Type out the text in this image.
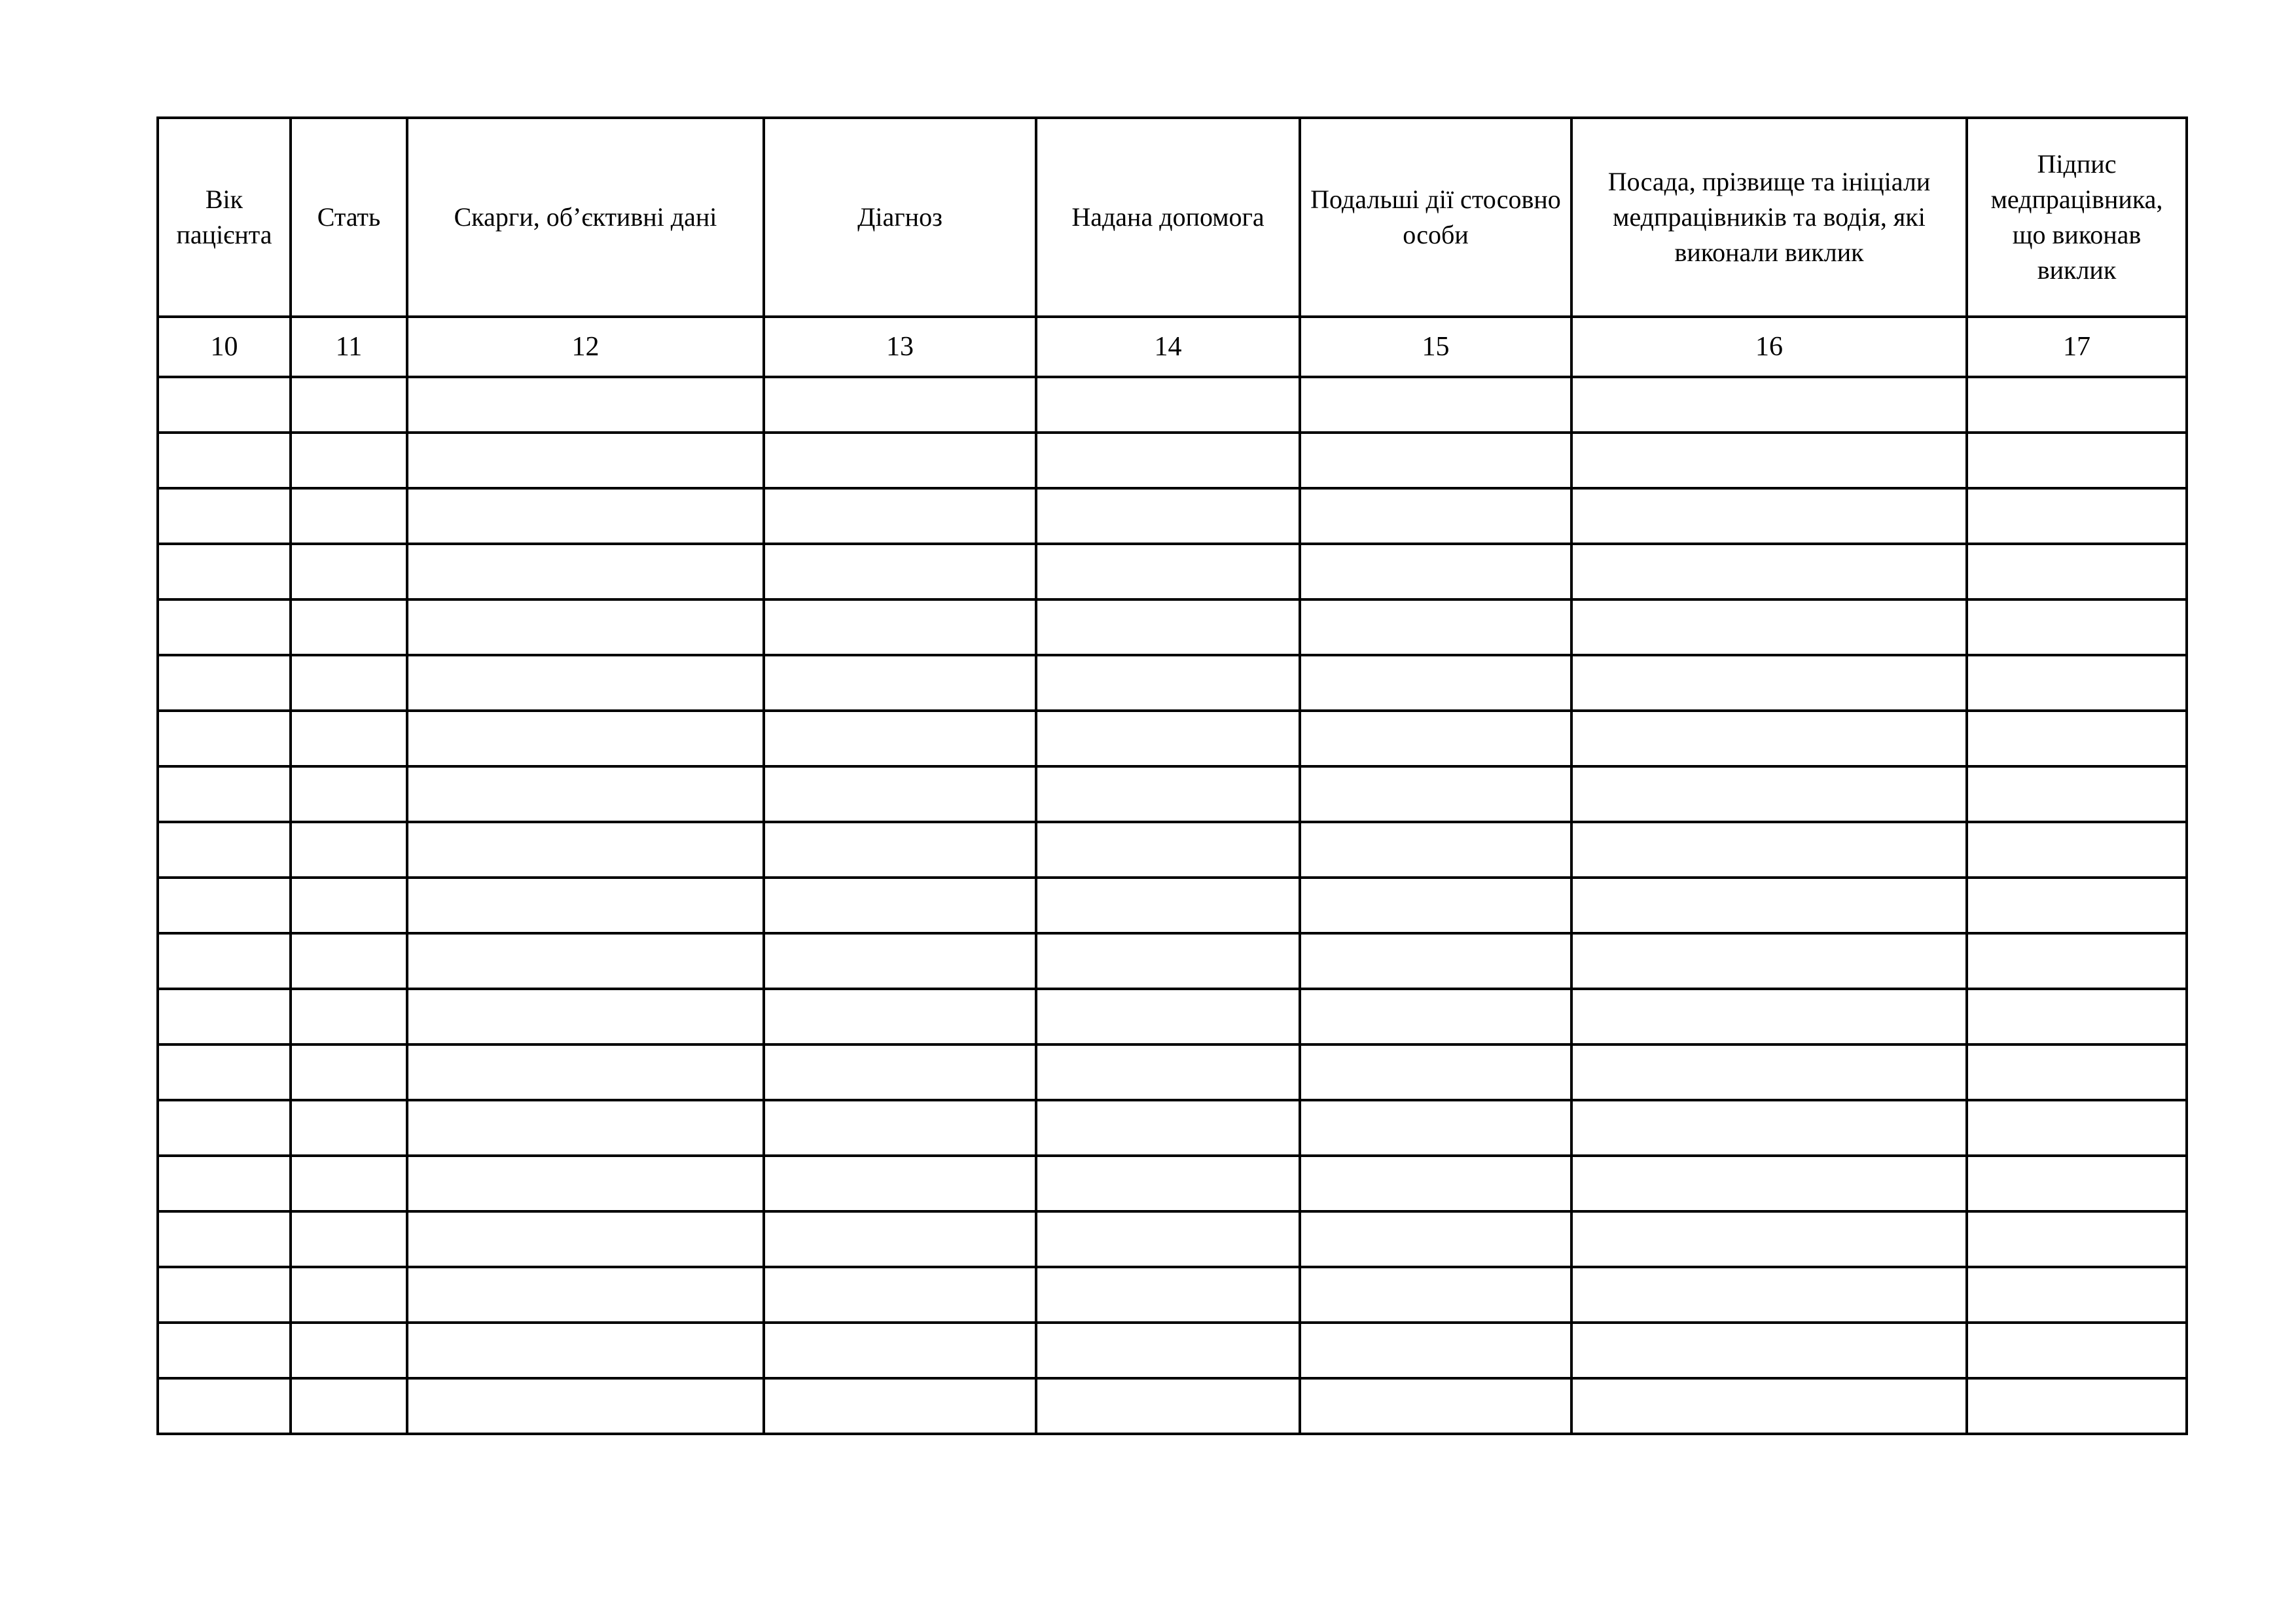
Вік пацієнта	Стать	Скарги, об’єктивні дані	Діагноз	Надана допомога	Подальші дії стосовно особи	Посада, прізвище та ініціали медпрацівників та водія, які виконали виклик	Підпис медпрацівника, що виконав виклик
10	11	12	13	14	15	16	17
